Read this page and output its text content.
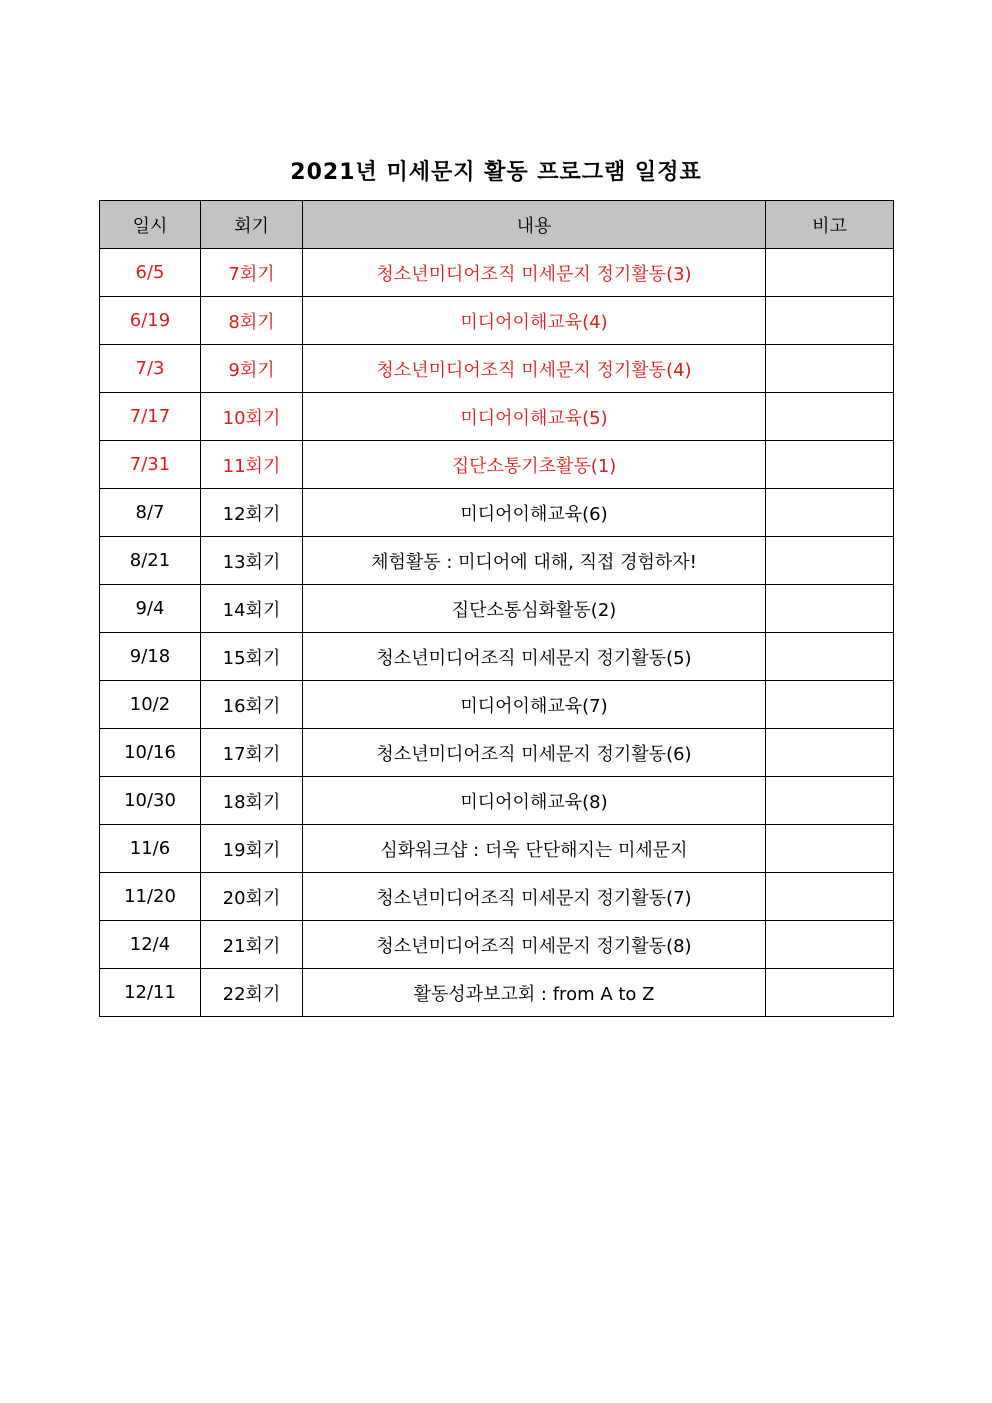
2021년 미세문지 활동 프로그램 일정표
일시	회기	내용	비고
6/5	7회기	청소년미디어조직 미세문지 정기활동(3)	
6/19	8회기	미디어이해교육(4)	
7/3	9회기	청소년미디어조직 미세문지 정기활동(4)	
7/17	10회기	미디어이해교육(5)	
7/31	11회기	집단소통기초활동(1)	
8/7	12회기	미디어이해교육(6)	
8/21	13회기	체험활동 : 미디어에 대해, 직접 경험하자!	
9/4	14회기	집단소통심화활동(2)	
9/18	15회기	청소년미디어조직 미세문지 정기활동(5)	
10/2	16회기	미디어이해교육(7)	
10/16	17회기	청소년미디어조직 미세문지 정기활동(6)	
10/30	18회기	미디어이해교육(8)	
11/6	19회기	심화워크샵 : 더욱 단단해지는 미세문지	
11/20	20회기	청소년미디어조직 미세문지 정기활동(7)	
12/4	21회기	청소년미디어조직 미세문지 정기활동(8)	
12/11	22회기	활동성과보고회 : from A to Z	
